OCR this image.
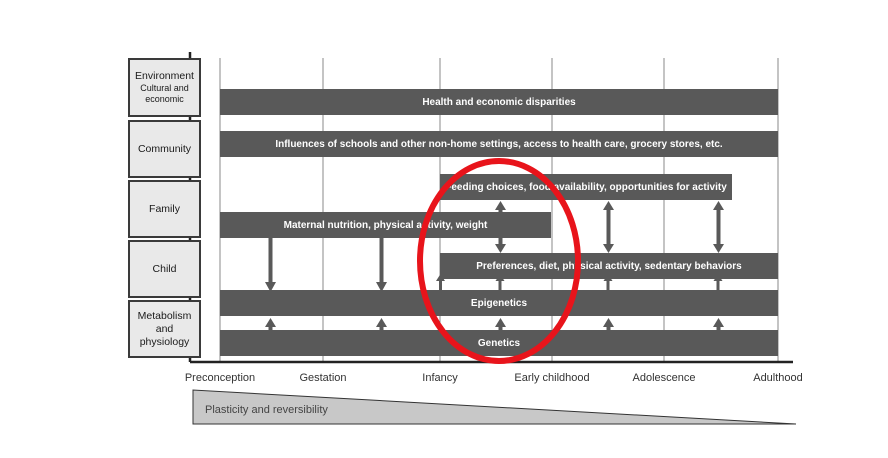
Environment
Cultural and
economic
Community
Family
Child
Metabolism
and
physiology
Health and economic disparities
Influences of schools and other non-home settings, access to health care, grocery stores, etc.
Feeding choices, food availability, opportunities for activity
Maternal nutrition, physical activity, weight
Preferences, diet, physical activity, sedentary behaviors
Epigenetics
Genetics
Preconception	Gestation	Infancy	Early childhood	Adolescence	Adulthood
Plasticity and reversibility
